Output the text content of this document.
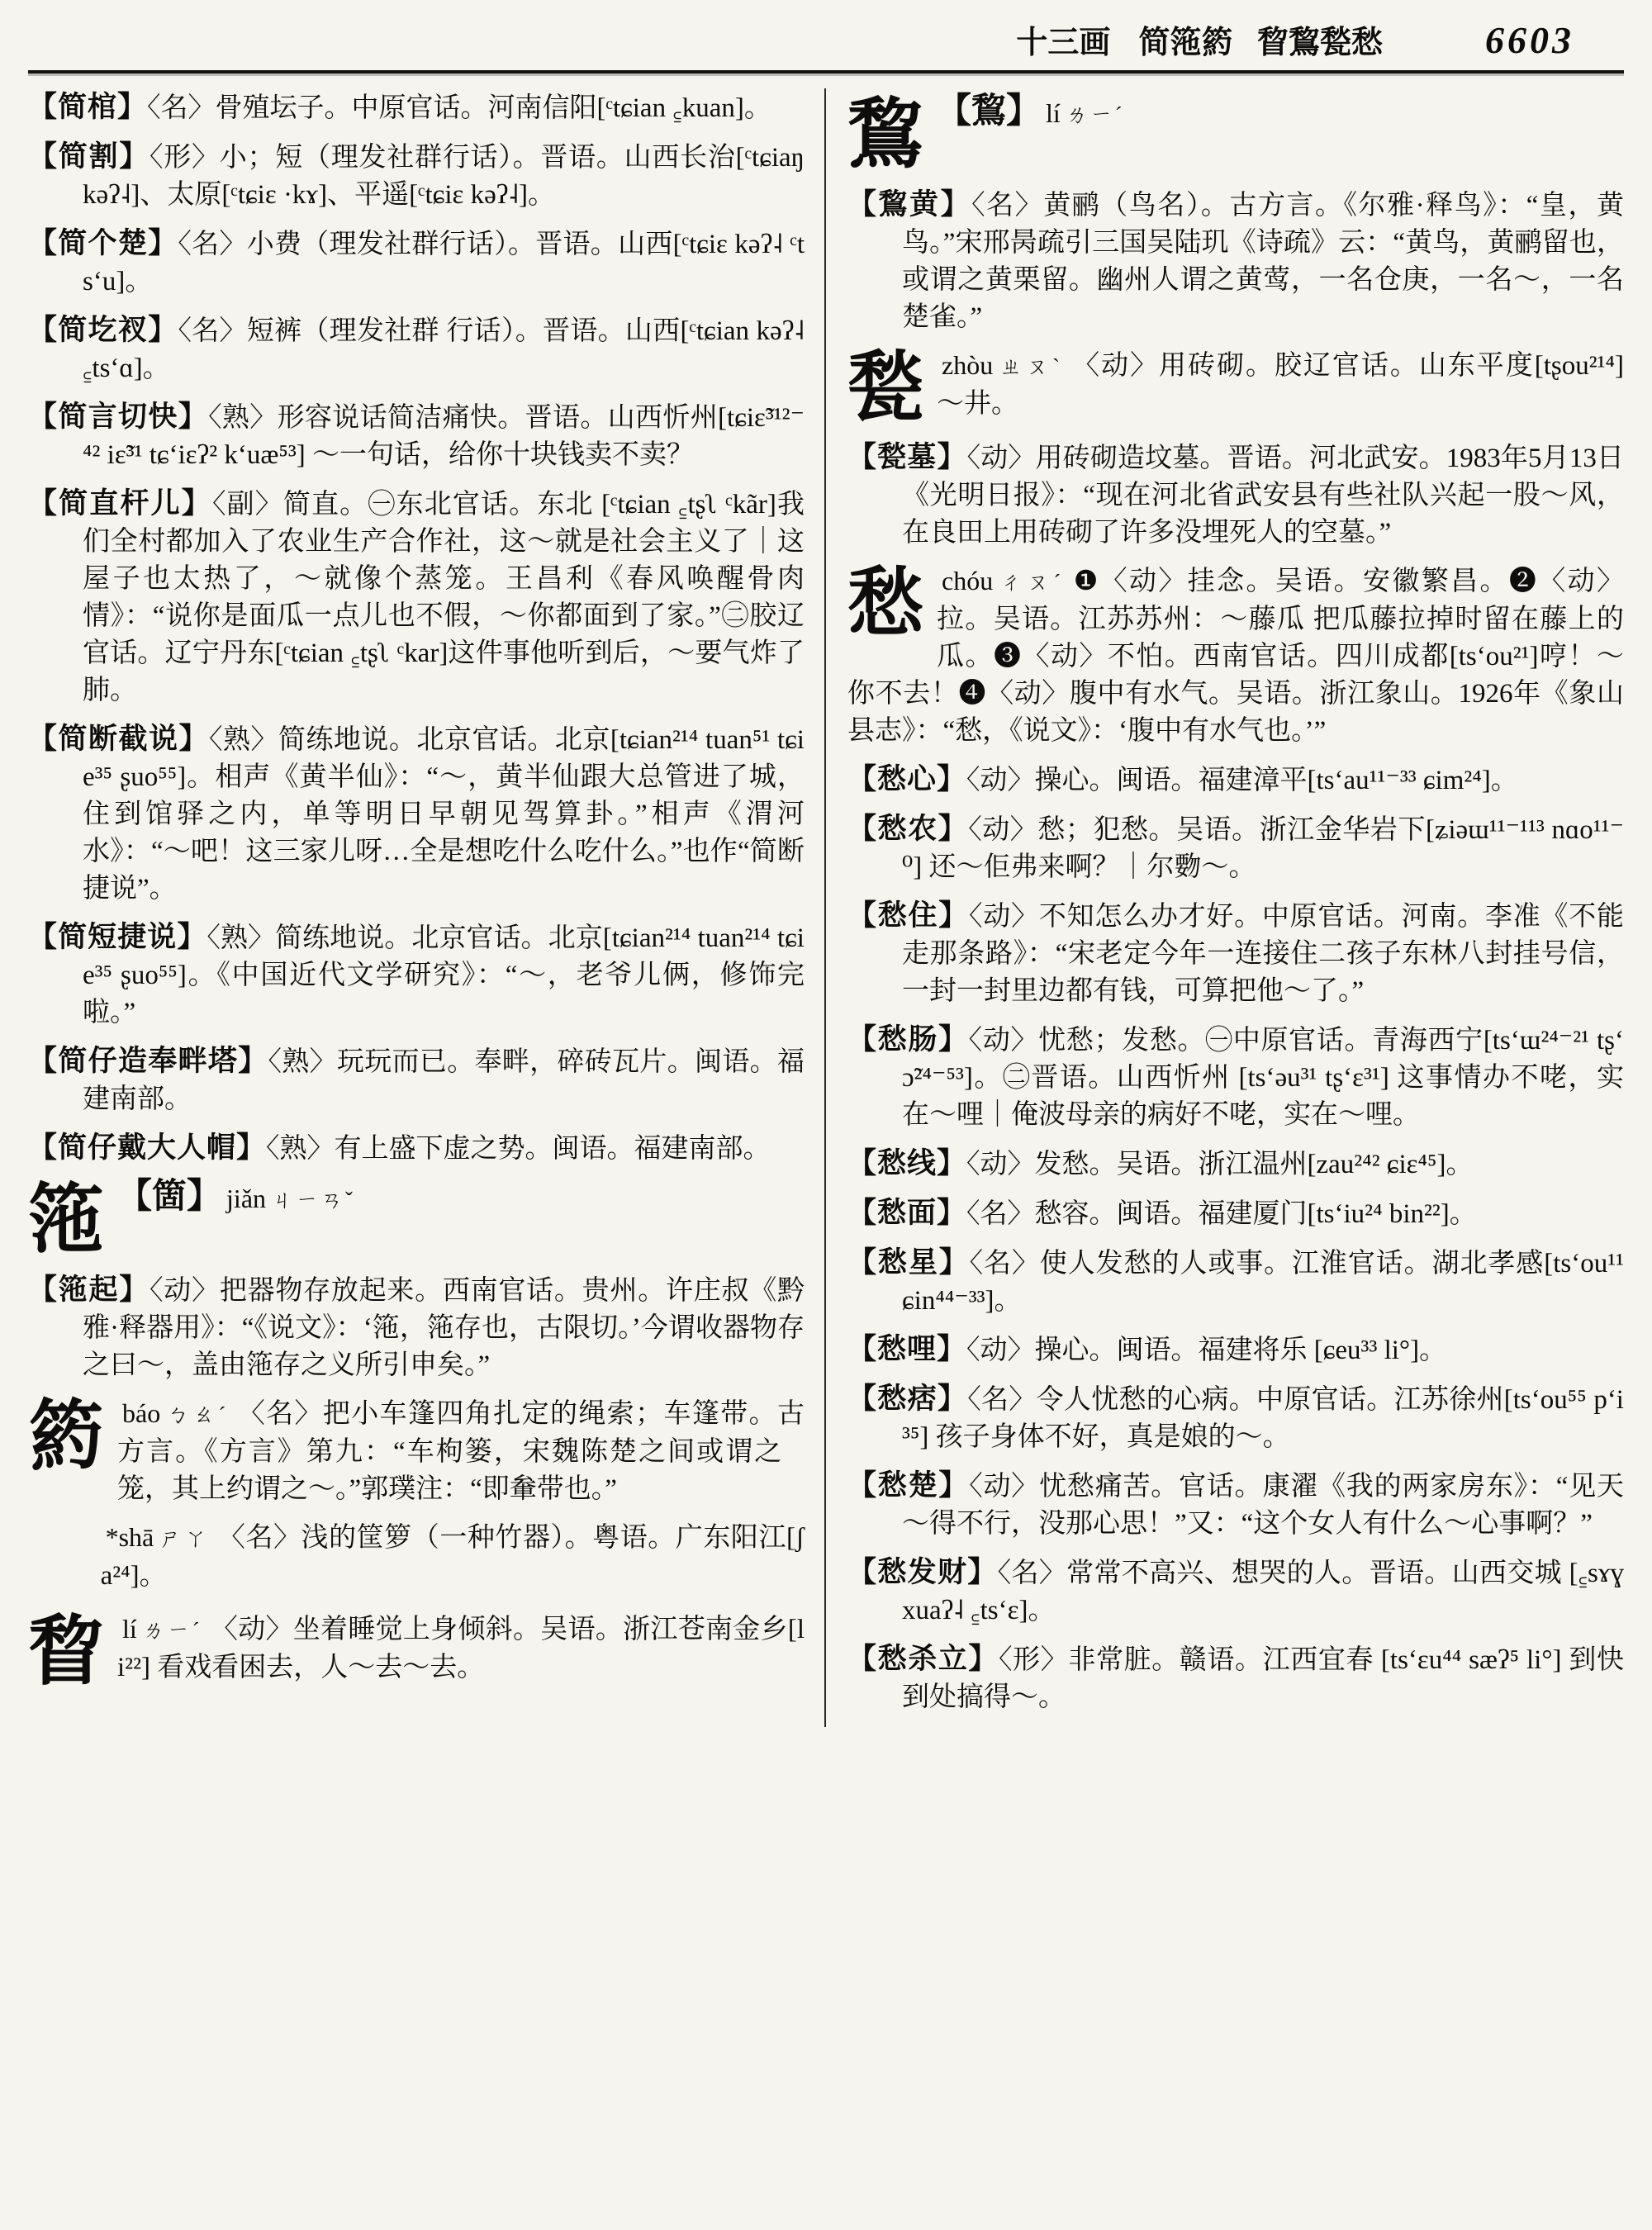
十三画 简筂箹𥮽睝鵹甃愁	6603
【简棺】〈名〉骨殖坛子。中原官话。河南信阳[ᶜtɕian ꜁kuan]。
【简割】〈形〉小；短（理发社群行话）。晋语。山西长治[ᶜtɕiaŋ kəʔ˨]、太原[ᶜtɕiɛ ·kɤ]、平遥[ᶜtɕiɛ kəʔ˨]。
【简个楚】〈名〉小费（理发社群行话）。晋语。山西[ᶜtɕiɛ kəʔ˨ ᶜtsʻu]。
【简圪衩】〈名〉短裤（理发社群 行话）。晋语。山西[ᶜtɕian kəʔ˨ ꜁tsʻɑ]。
【简言切快】〈熟〉形容说话简洁痛快。晋语。山西忻州[tɕiɛ̃³¹²⁻⁴² iɛ̃³¹ tɕʻiɛʔ² kʻuæ⁵³] ～一句话，给你十块钱卖不卖？
【简直杆儿】〈副〉简直。㊀东北官话。东北 [ᶜtɕian ꜁tʂʅ ᶜkãr]我们全村都加入了农业生产合作社，这～就是社会主义了｜这屋子也太热了，～就像个蒸笼。王昌利《春风唤醒骨肉情》：“说你是面瓜一点儿也不假，～你都面到了家。”㊁胶辽官话。辽宁丹东[ᶜtɕian ꜁tʂʅ ᶜkar]这件事他听到后，～要气炸了肺。
【简断截说】〈熟〉简练地说。北京官话。北京[tɕian²¹⁴ tuan⁵¹ tɕie³⁵ ʂuo⁵⁵]。相声《黄半仙》：“～，黄半仙跟大总管进了城，住到馆驿之内，单等明日早朝见驾算卦。”相声《渭河水》：“～吧！这三家儿呀…全是想吃什么吃什么。”也作“简断捷说”。
【简短捷说】〈熟〉简练地说。北京官话。北京[tɕian²¹⁴ tuan²¹⁴ tɕie³⁵ ʂuo⁵⁵]。《中国近代文学研究》：“～，老爷儿俩，修饰完啦。”
【简仔造奉畔塔】〈熟〉玩玩而已。奉畔，碎砖瓦片。闽语。福建南部。
【简仔戴大人帽】〈熟〉有上盛下虚之势。闽语。福建南部。
筂 【箇】 jiǎn ㄐㄧㄢˇ
【筂起】〈动〉把器物存放起来。西南官话。贵州。许庄叔《黔雅·释器用》：“《说文》：‘筂，筂存也，古限切。’今谓收器物存之曰～，盖由筂存之义所引申矣。”
箹báo ㄅㄠˊ 〈名〉把小车篷四角扎定的绳索；车篷带。古方言。《方言》第九：“车枸篓，宋魏陈楚之间或谓之𥫃笼，其上约谓之～。”郭璞注：“即軬带也。”
𥮽 *shā ㄕㄚ 〈名〉浅的筐箩（一种竹器）。粤语。广东阳江[ʃa²⁴]。
睝lí ㄌㄧˊ 〈动〉坐着睡觉上身倾斜。吴语。浙江苍南金乡[li²²] 看戏看困去，人～去～去。
鵹 【鵹】 lí ㄌㄧˊ
【鵹黄】〈名〉黄鹂（鸟名）。古方言。《尔雅·释鸟》：“皇，黄鸟。”宋邢昺疏引三国吴陆玑《诗疏》云：“黄鸟，黄鹂留也，或谓之黄栗留。幽州人谓之黄莺，一名仓庚，一名～，一名楚雀。”
甃zhòu ㄓㄡˋ 〈动〉用砖砌。胶辽官话。山东平度[tʂou²¹⁴] ～井。
【甃墓】〈动〉用砖砌造坟墓。晋语。河北武安。1983年5月13日《光明日报》：“现在河北省武安县有些社队兴起一股～风，在良田上用砖砌了许多没埋死人的空墓。”
愁chóu ㄔㄡˊ ❶〈动〉挂念。吴语。安徽繁昌。❷〈动〉拉。吴语。江苏苏州：～藤瓜 把瓜藤拉掉时留在藤上的瓜。❸〈动〉不怕。西南官话。四川成都[tsʻou²¹]哼！～你不去！❹〈动〉腹中有水气。吴语。浙江象山。1926年《象山县志》：“愁，《说文》：‘腹中有水气也。’”
【愁心】〈动〉操心。闽语。福建漳平[tsʻau¹¹⁻³³ ɕim²⁴]。
【愁农】〈动〉愁；犯愁。吴语。浙江金华岩下[ʑiəɯ¹¹⁻¹¹³ nɑo¹¹⁻⁰] 还～佢弗来啊？｜尔覅～。
【愁住】〈动〉不知怎么办才好。中原官话。河南。李准《不能走那条路》：“宋老定今年一连接住二孩子东林八封挂号信，一封一封里边都有钱，可算把他～了。”
【愁肠】〈动〉忧愁；发愁。㊀中原官话。青海西宁[tsʻɯ²⁴⁻²¹ tʂʻɔ̃²⁴⁻⁵³]。㊁晋语。山西忻州 [tsʻəu³¹ tʂʻɛ³¹] 这事情办不咾，实在～哩｜俺波母亲的病好不咾，实在～哩。
【愁线】〈动〉发愁。吴语。浙江温州[zau²⁴² ɕiɛ⁴⁵]。
【愁面】〈名〉愁容。闽语。福建厦门[tsʻiu²⁴ bin²²]。
【愁星】〈名〉使人发愁的人或事。江淮官话。湖北孝感[tsʻou¹¹ ɕin⁴⁴⁻³³]。
【愁哩】〈动〉操心。闽语。福建将乐 [ɕeu³³ li°]。
【愁痞】〈名〉令人忧愁的心病。中原官话。江苏徐州[tsʻou⁵⁵ pʻi³⁵] 孩子身体不好，真是娘的～。
【愁楚】〈动〉忧愁痛苦。官话。康濯《我的两家房东》：“见天～得不行，没那心思！”又：“这个女人有什么～心事啊？”
【愁发财】〈名〉常常不高兴、想哭的人。晋语。山西交城 [꜁sɤɣ xuaʔ˨ ꜁tsʻɛ]。
【愁杀立】〈形〉非常脏。赣语。江西宜春 [tsʻɛu⁴⁴ sæʔ⁵ li°] 到快到处搞得～。
